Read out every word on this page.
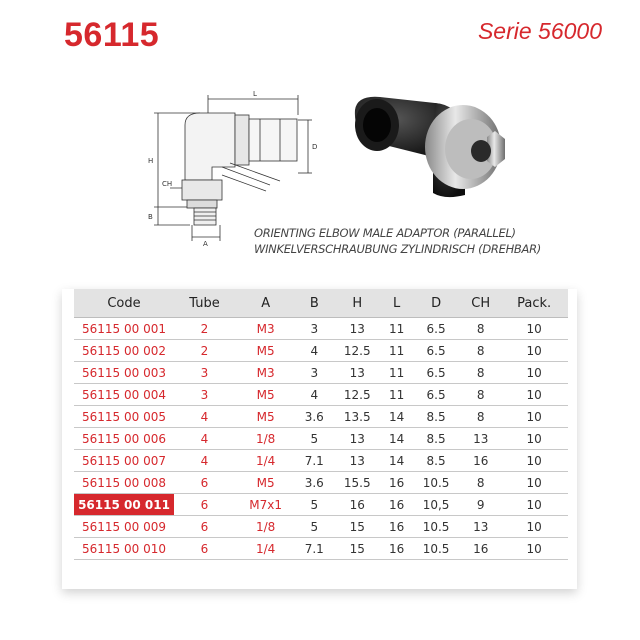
56115	Serie 56000
L
D
H
CH
B
A
ORIENTING ELBOW MALE ADAPTOR (PARALLEL)
WINKELVERSCHRAUBUNG ZYLINDRISCH (DREHBAR)
Code	Tube	A	B	H	L	D	CH	Pack.
56115 00 001	2	M3	3	13	11	6.5	8	10
56115 00 002	2	M5	4	12.5	11	6.5	8	10
56115 00 003	3	M3	3	13	11	6.5	8	10
56115 00 004	3	M5	4	12.5	11	6.5	8	10
56115 00 005	4	M5	3.6	13.5	14	8.5	8	10
56115 00 006	4	1/8	5	13	14	8.5	13	10
56115 00 007	4	1/4	7.1	13	14	8.5	16	10
56115 00 008	6	M5	3.6	15.5	16	10.5	8	10
56115 00 011	6	M7x1	5	16	16	10,5	9	10
56115 00 009	6	1/8	5	15	16	10.5	13	10
56115 00 010	6	1/4	7.1	15	16	10.5	16	10
